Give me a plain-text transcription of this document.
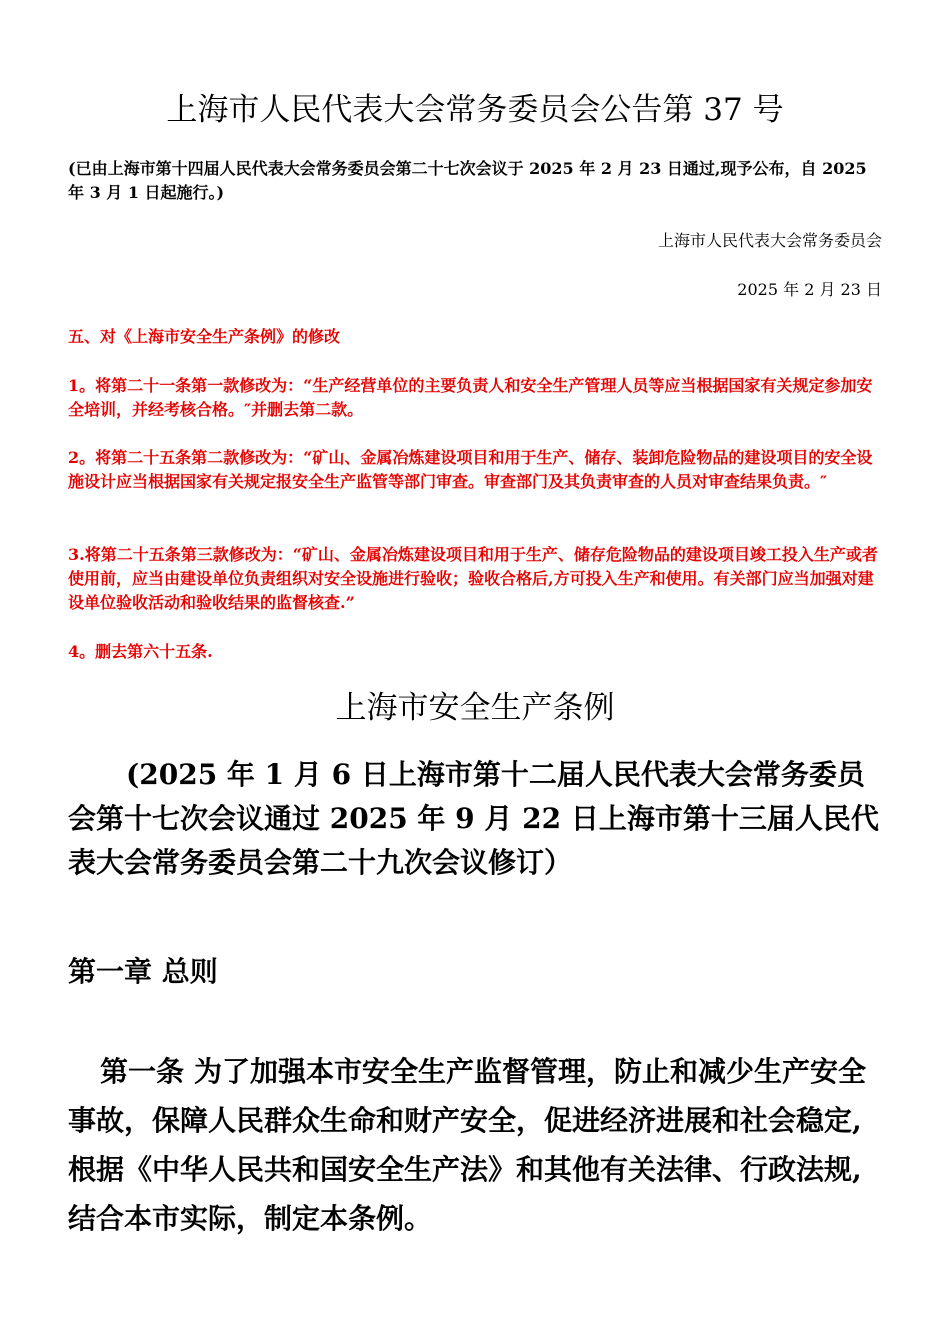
上海市人民代表大会常务委员会公告第 37 号

(已由上海市第十四届人民代表大会常务委员会第二十七次会议于 2025 年 2 月 23 日通过,现予公布，自 2025 年 3 月 1 日起施行。)

上海市人民代表大会常务委员会

2025 年 2 月 23 日

五、对《上海市安全生产条例》的修改

1。将第二十一条第一款修改为：“生产经营单位的主要负责人和安全生产管理人员等应当根据国家有关规定参加安全培训，并经考核合格。″并删去第二款。

2。将第二十五条第二款修改为：“矿山、金属冶炼建设项目和用于生产、储存、装卸危险物品的建设项目的安全设施设计应当根据国家有关规定报安全生产监管等部门审查。审查部门及其负责审查的人员对审查结果负责。″

3.将第二十五条第三款修改为：“矿山、金属冶炼建设项目和用于生产、储存危险物品的建设项目竣工投入生产或者使用前，应当由建设单位负责组织对安全设施进行验收；验收合格后,方可投入生产和使用。有关部门应当加强对建设单位验收活动和验收结果的监督核查.”

4。删去第六十五条.

上海市安全生产条例

(2025 年 1 月 6 日上海市第十二届人民代表大会常务委员会第十七次会议通过 2025 年 9 月 22 日上海市第十三届人民代表大会常务委员会第二十九次会议修订）

第一章 总则

第一条 为了加强本市安全生产监督管理，防止和减少生产安全事故，保障人民群众生命和财产安全，促进经济进展和社会稳定,根据《中华人民共和国安全生产法》和其他有关法律、行政法规,结合本市实际，制定本条例。
